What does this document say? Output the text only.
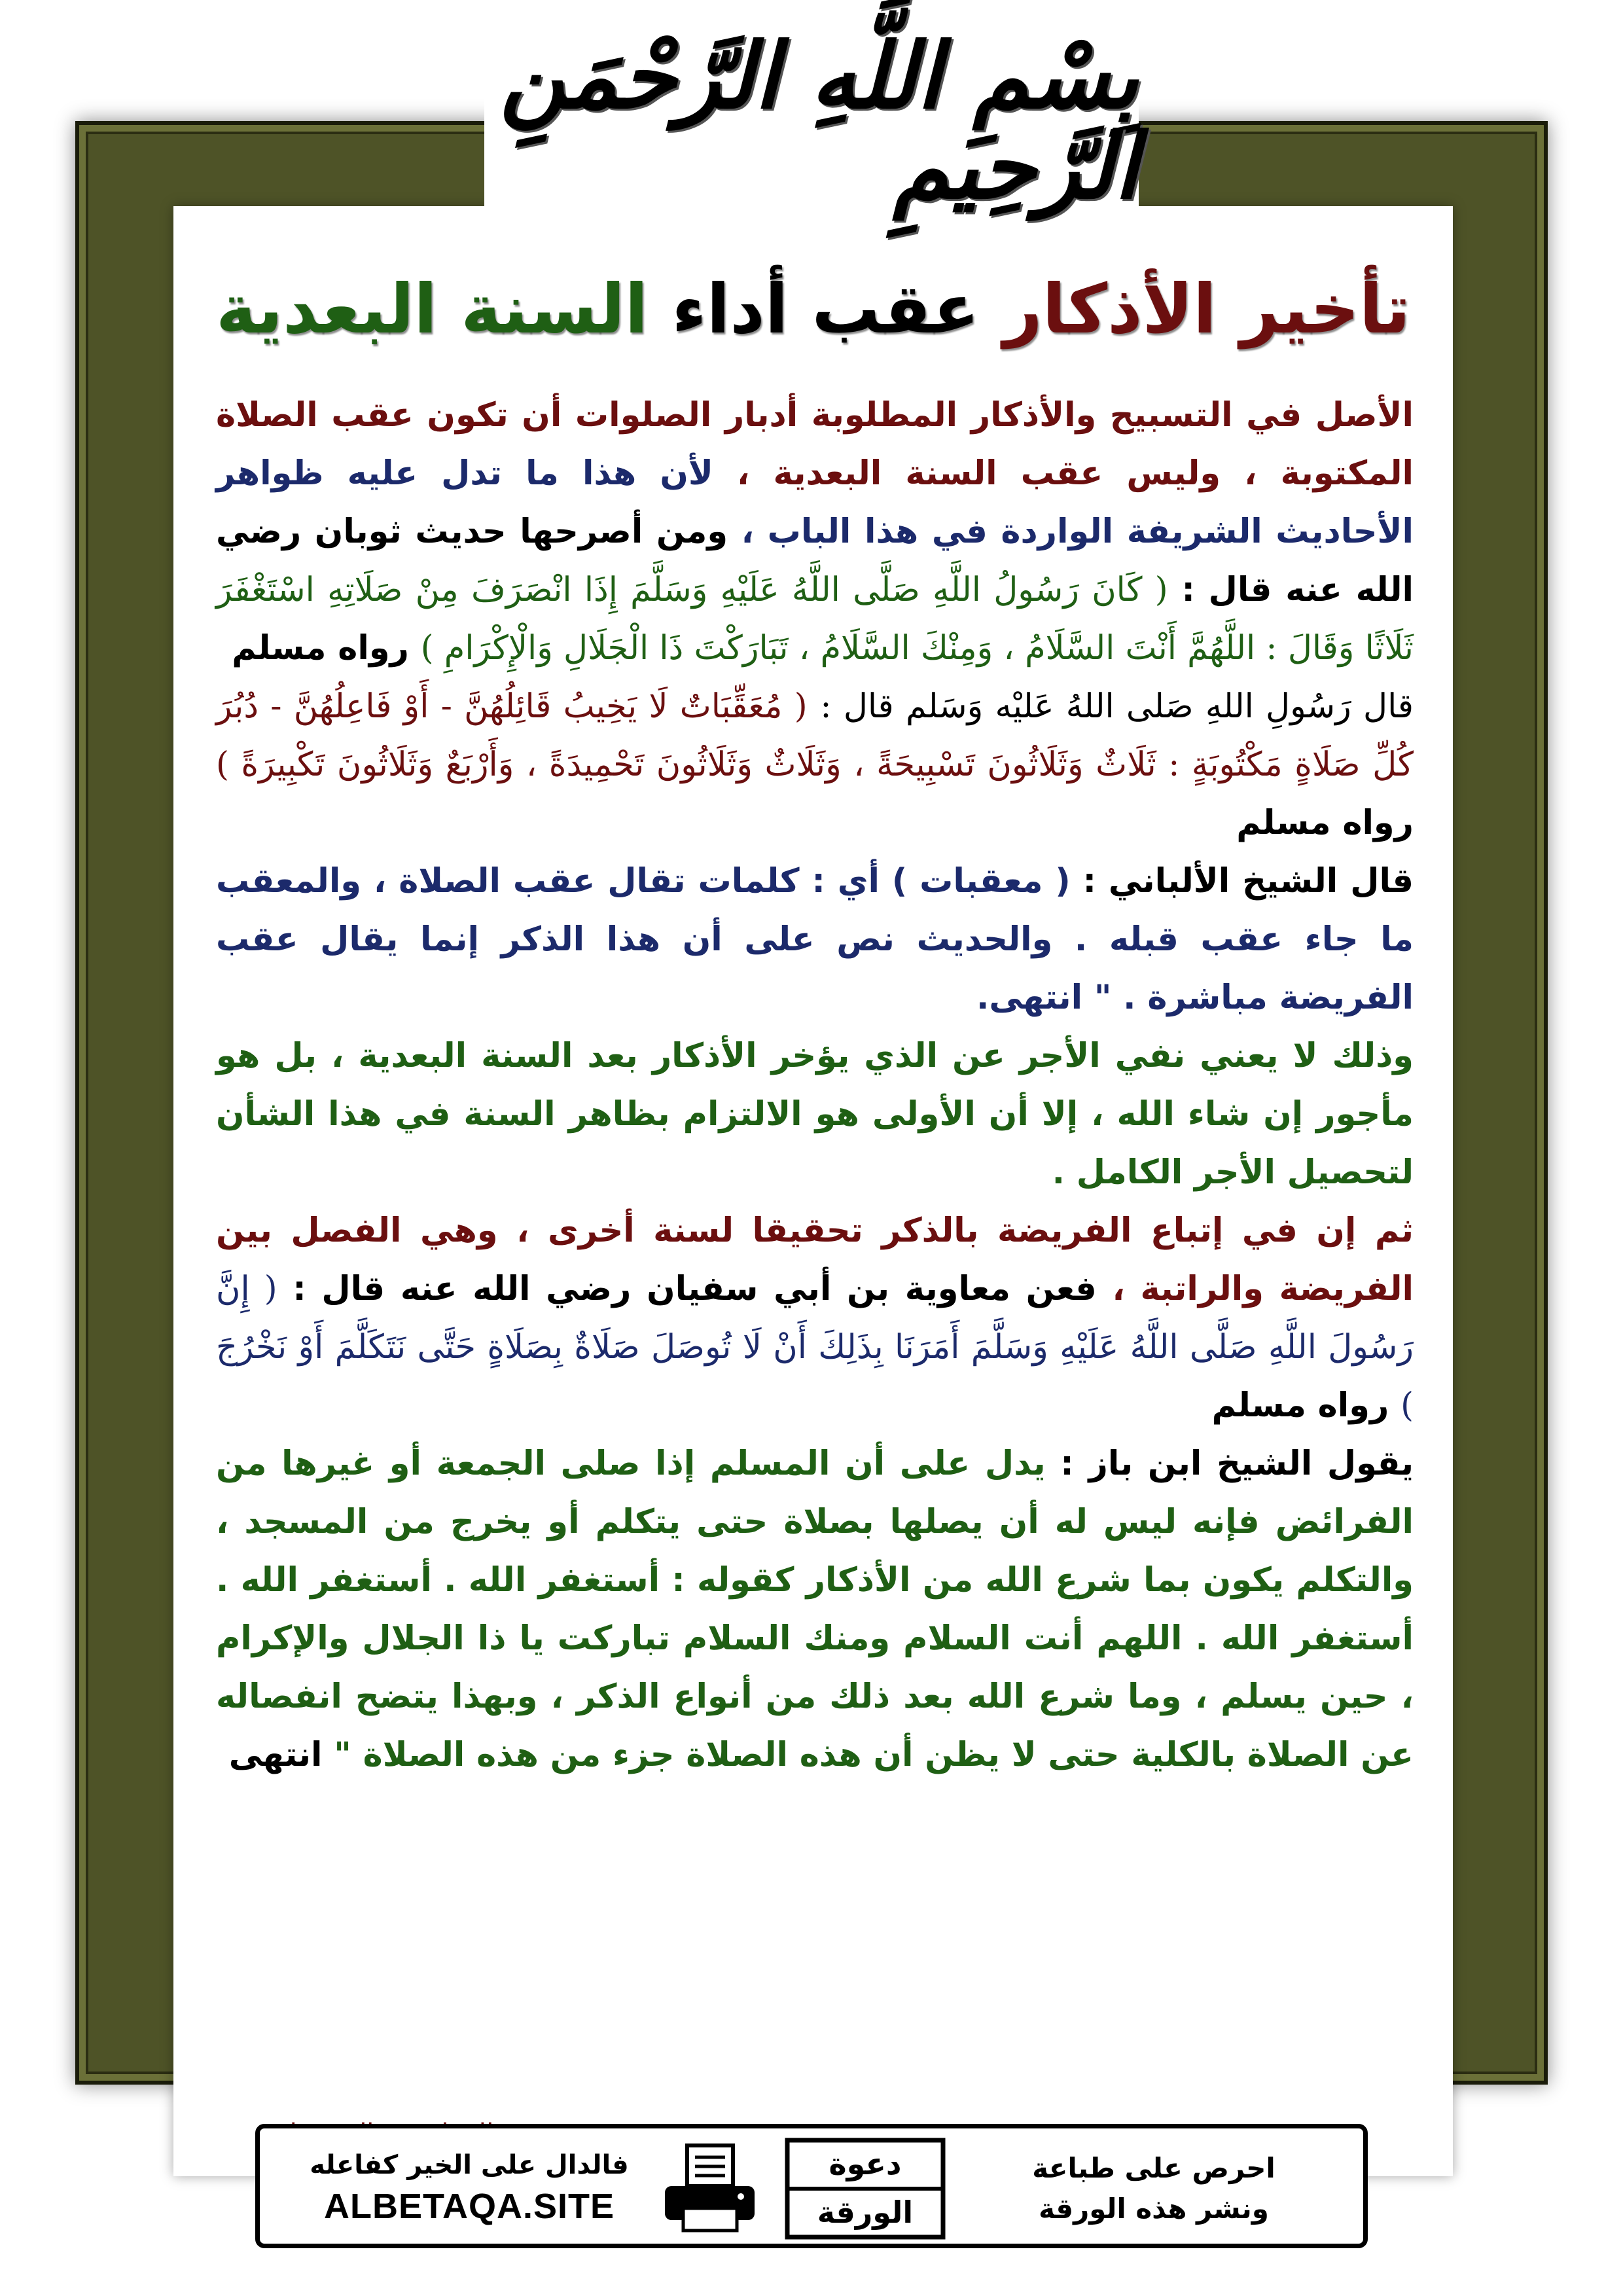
تأخير الأذكار عقب أداء السنة البعدية

الأصل في التسبيح والأذكار المطلوبة أدبار الصلوات أن تكون عقب الصلاة المكتوبة ، وليس عقب السنة البعدية ، لأن هذا ما تدل عليه ظواهر الأحاديث الشريفة الواردة في هذا الباب ، ومن أصرحها حديث ثوبان رضي الله عنه قال : ( كَانَ رَسُولُ اللَّهِ صَلَّى اللَّهُ عَلَيْهِ وَسَلَّمَ إِذَا انْصَرَفَ مِنْ صَلَاتِهِ اسْتَغْفَرَ ثَلَاثًا وَقَالَ : اللَّهُمَّ أَنْتَ السَّلَامُ ، وَمِنْكَ السَّلَامُ ، تَبَارَكْتَ ذَا الْجَلَالِ وَالْإِكْرَامِ ) رواه مسلم

قال رَسُولِ اللهِ صَلى اللهُ عَليْه وَسَلم قال : ( مُعَقِّبَاتٌ لَا يَخِيبُ قَائِلُهُنَّ - أَوْ فَاعِلُهُنَّ - دُبُرَ كُلِّ صَلَاةٍ مَكْتُوبَةٍ : ثَلَاثٌ وَثَلَاثُونَ تَسْبِيحَةً ، وَثَلَاثٌ وَثَلَاثُونَ تَحْمِيدَةً ، وَأَرْبَعٌ وَثَلَاثُونَ تَكْبِيرَةً ) رواه مسلم

قال الشيخ الألباني : ( معقبات ) أي : كلمات تقال عقب الصلاة ، والمعقب ما جاء عقب قبله . والحديث نص على أن هذا الذكر إنما يقال عقب الفريضة مباشرة . " انتهى.

وذلك لا يعني نفي الأجر عن الذي يؤخر الأذكار بعد السنة البعدية ، بل هو مأجور إن شاء الله ، إلا أن الأولى هو الالتزام بظاهر السنة في هذا الشأن لتحصيل الأجر الكامل .

ثم إن في إتباع الفريضة بالذكر تحقيقا لسنة أخرى ، وهي الفصل بين الفريضة والراتبة ، فعن معاوية بن أبي سفيان رضي الله عنه قال : ( إِنَّ رَسُولَ اللَّهِ صَلَّى اللَّهُ عَلَيْهِ وَسَلَّمَ أَمَرَنَا بِذَلِكَ أَنْ لَا تُوصَلَ صَلَاةٌ بِصَلَاةٍ حَتَّى نَتَكَلَّمَ أَوْ نَخْرُجَ ) رواه مسلم

يقول الشيخ ابن باز : يدل على أن المسلم إذا صلى الجمعة أو غيرها من الفرائض فإنه ليس له أن يصلها بصلاة حتى يتكلم أو يخرج من المسجد ، والتكلم يكون بما شرع الله من الأذكار كقوله : أستغفر الله . أستغفر الله . أستغفر الله . اللهم أنت السلام ومنك السلام تباركت يا ذا الجلال والإكرام ، حين يسلم ، وما شرع الله بعد ذلك من أنواع الذكر ، وبهذا يتضح انفصاله عن الصلاة بالكلية حتى لا يظن أن هذه الصلاة جزء من هذه الصلاة " انتهى

بِسْمِ اللَّهِ الرَّحْمَنِ الرَّحِيمِ
فالدال على الخير كفاعله
ALBETAQA.SITE
دعوة
الورقة
احرص على طباعة
ونشر هذه الورقة
